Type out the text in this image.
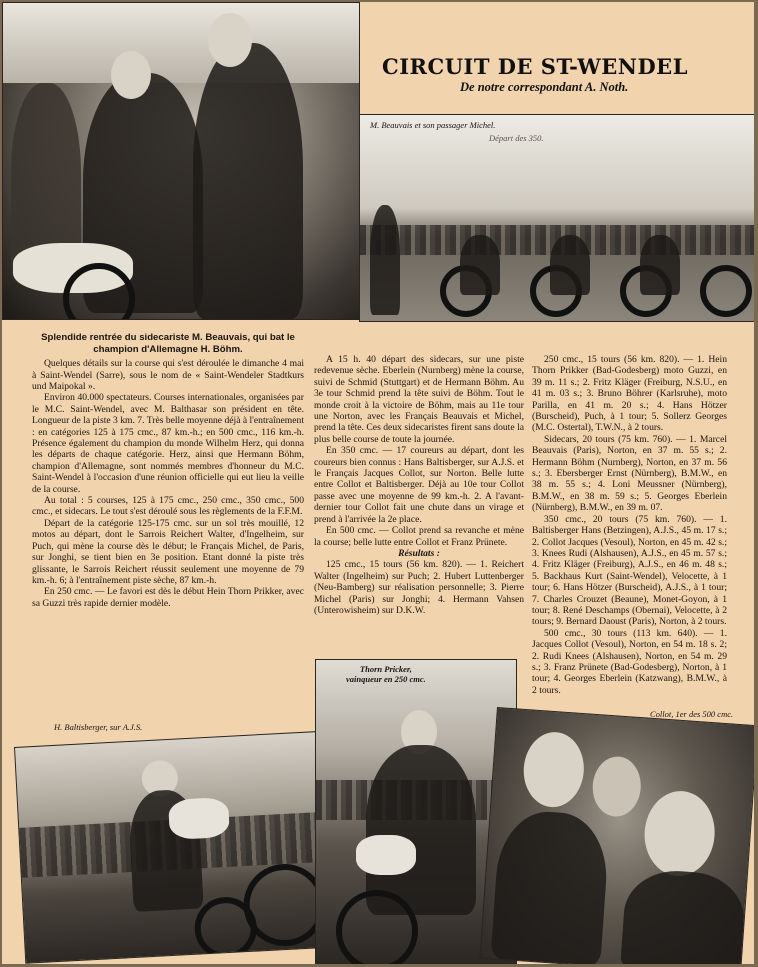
CIRCUIT DE ST-WENDEL
De notre correspondant A. Noth.
M. Beauvais et son passager Michel.
Départ des 350.

Splendide rentrée du sidecariste M. Beauvais, qui bat le champion d'Allemagne H. Böhm.

Quelques détails sur la course qui s'est déroulée le dimanche 4 mai à Saint-Wendel (Sarre), sous le nom de « Saint-Wendeler Stadtkurs und Maipokal ».

Environ 40.000 spectateurs. Courses internationales, organisées par le M.C. Saint-Wendel, avec M. Balthasar son président en tête. Longueur de la piste 3 km. 7. Très belle moyenne déjà à l'entraînement : en catégories 125 à 175 cmc., 87 km.-h.; en 500 cmc., 116 km.-h. Présence également du champion du monde Wilhelm Herz, qui donna les départs de chaque catégorie. Herz, ainsi que Hermann Böhm, champion d'Allemagne, sont nommés membres d'honneur du M.C. Saint-Wendel à l'occasion d'une réunion officielle qui eut lieu la veille de la course.

Au total : 5 courses, 125 à 175 cmc., 250 cmc., 350 cmc., 500 cmc., et sidecars. Le tout s'est déroulé sous les règlements de la F.F.M.

Départ de la catégorie 125-175 cmc. sur un sol très mouillé, 12 motos au départ, dont le Sarrois Reichert Walter, d'Ingelheim, sur Puch, qui mène la course dès le début; le Français Michel, de Paris, sur Jonghi, se tient bien en 3e position. Etant donné la piste très glissante, le Sarrois Reichert réussit seulement une moyenne de 79 km.-h. 6; à l'entraînement piste sèche, 87 km.-h.

En 250 cmc. — Le favori est dès le début Hein Thorn Prikker, avec sa Guzzi très rapide dernier modèle.

A 15 h. 40 départ des sidecars, sur une piste redevenue sèche. Eberlein (Nurnberg) mène la course, suivi de Schmid (Stuttgart) et de Hermann Böhm. Au 3e tour Schmid prend la tête suivi de Böhm. Tout le monde croit à la victoire de Böhm, mais au 11e tour une Norton, avec les Français Beauvais et Michel, prend la tête. Ces deux sidecaristes firent sans doute la plus belle course de toute la journée.

En 350 cmc. — 17 coureurs au départ, dont les coureurs bien connus : Hans Baltisberger, sur A.J.S. et le Français Jacques Collot, sur Norton. Belle lutte entre Collot et Baltisberger. Déjà au 10e tour Collot passe avec une moyenne de 99 km.-h. 2. A l'avant-dernier tour Collot fait une chute dans un virage et prend à l'arrivée la 2e place.

En 500 cmc. — Collot prend sa revanche et mène la course; belle lutte entre Collot et Franz Prünete.

Résultats :

125 cmc., 15 tours (56 km. 820). — 1. Reichert Walter (Ingelheim) sur Puch; 2. Hubert Luttenberger (Neu-Bamberg) sur réalisation personnelle; 3. Pierre Michel (Paris) sur Jonghi; 4. Hermann Vahsen (Unterowisheim) sur D.K.W.

250 cmc., 15 tours (56 km. 820). — 1. Hein Thorn Prikker (Bad-Godesberg) moto Guzzi, en 39 m. 11 s.; 2. Fritz Kläger (Freiburg, N.S.U., en 41 m. 03 s.; 3. Bruno Böhrer (Karlsruhe), moto Parilla, en 41 m. 20 s.; 4. Hans Hötzer (Burscheid), Puch, à 1 tour; 5. Sollerz Georges (M.C. Ostertal), T.W.N., à 2 tours.

Sidecars, 20 tours (75 km. 760). — 1. Marcel Beauvais (Paris), Norton, en 37 m. 55 s.; 2. Hermann Böhm (Nurnberg), Norton, en 37 m. 56 s.; 3. Ebersberger Ernst (Nürnberg), B.M.W., en 38 m. 55 s.; 4. Loni Meussner (Nürnberg), B.M.W., en 38 m. 59 s.; 5. Georges Eberlein (Nürnberg), B.M.W., en 39 m. 07.

350 cmc., 20 tours (75 km. 760). — 1. Baltisberger Hans (Betzingen), A.J.S., 45 m. 17 s.; 2. Collot Jacques (Vesoul), Norton, en 45 m. 42 s.; 3. Knees Rudi (Alshausen), A.J.S., en 45 m. 57 s.; 4. Fritz Kläger (Freiburg), A.J.S., en 46 m. 48 s.; 5. Backhaus Kurt (Saint-Wendel), Velocette, à 1 tour; 6. Hans Hötzer (Burscheid), A.J.S., à 1 tour; 7. Charles Crouzet (Beaune), Monet-Goyon, à 1 tour; 8. René Deschamps (Obernai), Velocette, à 2 tours; 9. Bernard Daoust (Paris), Norton, à 2 tours.

500 cmc., 30 tours (113 km. 640). — 1. Jacques Collot (Vesoul), Norton, en 54 m. 18 s. 2; 2. Rudi Knees (Alshausen), Norton, en 54 m. 29 s.; 3. Franz Prünete (Bad-Godesberg), Norton, à 1 tour; 4. Georges Eberlein (Katzwang), B.M.W., à 2 tours.

H. Baltisberger, sur A.J.S.
Thorn Pricker,
vainqueur en 250 cmc.
Collot, 1er des 500 cmc.
